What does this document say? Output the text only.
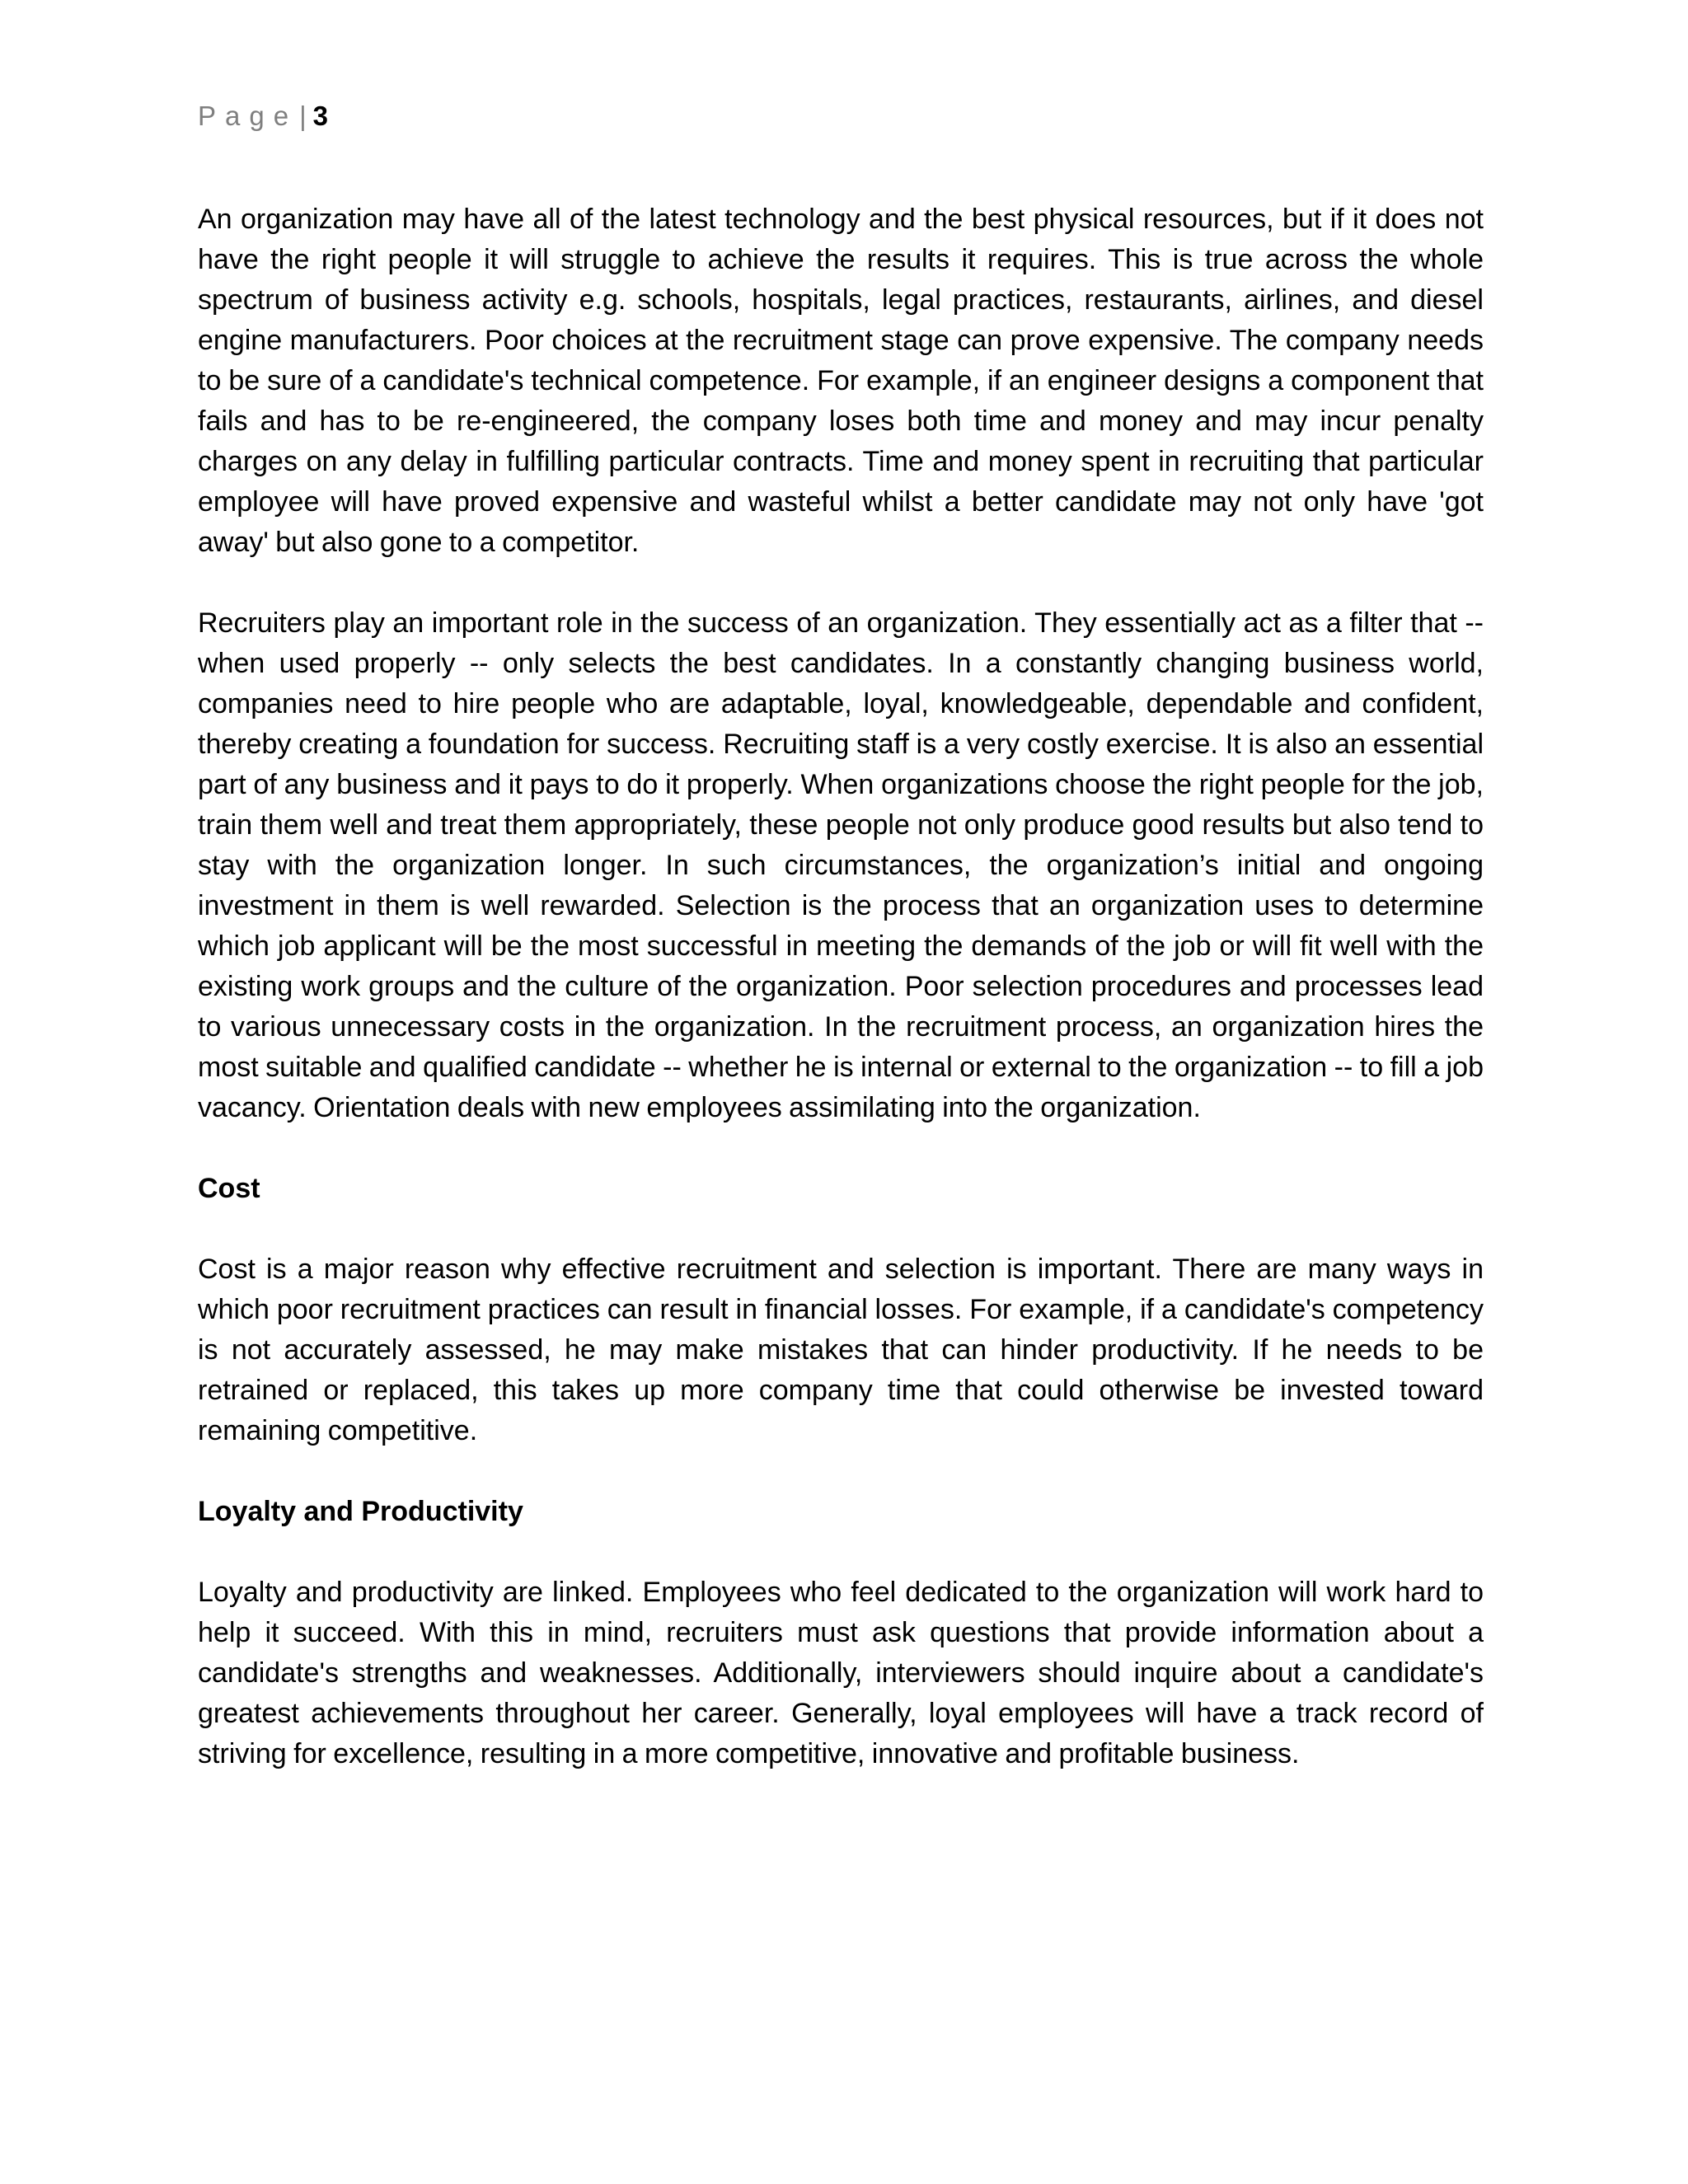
Page| 3

An organization may have all of the latest technology and the best physical resources, but if it does not have the right people it will struggle to achieve the results it requires. This is true across the whole spectrum of business activity e.g. schools, hospitals, legal practices, restaurants, airlines, and diesel engine manufacturers. Poor choices at the recruitment stage can prove expensive. The company needs to be sure of a candidate's technical competence. For example, if an engineer designs a component that fails and has to be re-engineered, the company loses both time and money and may incur penalty charges on any delay in fulfilling particular contracts. Time and money spent in recruiting that particular employee will have proved expensive and wasteful whilst a better candidate may not only have 'got away' but also gone to a competitor.

Recruiters play an important role in the success of an organization. They essentially act as a filter that -- when used properly -- only selects the best candidates. In a constantly changing business world, companies need to hire people who are adaptable, loyal, knowledgeable, dependable and confident, thereby creating a foundation for success. Recruiting staff is a very costly exercise. It is also an essential part of any business and it pays to do it properly. When organizations choose the right people for the job, train them well and treat them appropriately, these people not only produce good results but also tend to stay with the organization longer. In such circumstances, the organization’s initial and ongoing investment in them is well rewarded. Selection is the process that an organization uses to determine which job applicant will be the most successful in meeting the demands of the job or will fit well with the existing work groups and the culture of the organization. Poor selection procedures and processes lead to various unnecessary costs in the organization. In the recruitment process, an organization hires the most suitable and qualified candidate -- whether he is internal or external to the organization -- to fill a job vacancy. Orientation deals with new employees assimilating into the organization.

Cost

Cost is a major reason why effective recruitment and selection is important. There are many ways in which poor recruitment practices can result in financial losses. For example, if a candidate's competency is not accurately assessed, he may make mistakes that can hinder productivity. If he needs to be retrained or replaced, this takes up more company time that could otherwise be invested toward remaining competitive.

Loyalty and Productivity

Loyalty and productivity are linked. Employees who feel dedicated to the organization will work hard to help it succeed. With this in mind, recruiters must ask questions that provide information about a candidate's strengths and weaknesses. Additionally, interviewers should inquire about a candidate's greatest achievements throughout her career. Generally, loyal employees will have a track record of striving for excellence, resulting in a more competitive, innovative and profitable business.
